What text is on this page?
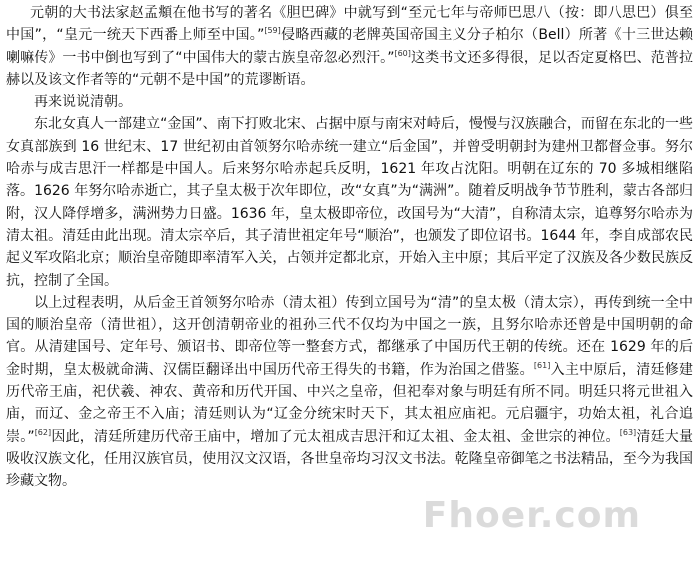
元朝的大书法家赵孟頫在他书写的著名《胆巴碑》中就写到“至元七年与帝师巴思八（按：即八思巴）俱至中国”，“皇元一统天下西番上师至中国。”[59]侵略西藏的老牌英国帝国主义分子柏尔（Bell）所著《十三世达赖喇嘛传》一书中倒也写到了“中国伟大的蒙古族皇帝忽必烈汗。”[60]这类书文还多得很，足以否定夏格巴、范普拉赫以及该文作者等的“元朝不是中国”的荒谬断语。

再来说说清朝。

东北女真人一部建立“金国”、南下打败北宋、占据中原与南宋对峙后，慢慢与汉族融合，而留在东北的一些女真部族到 16 世纪末、17 世纪初由首领努尔哈赤统一建立“后金国”，并曾受明朝封为建州卫都督佥事。努尔哈赤与成吉思汗一样都是中国人。后来努尔哈赤起兵反明，1621 年攻占沈阳。明朝在辽东的 70 多城相继陷落。1626 年努尔哈赤逝亡，其子皇太极于次年即位，改“女真”为“满洲”。随着反明战争节节胜利，蒙古各部归附，汉人降俘增多，满洲势力日盛。1636 年，皇太极即帝位，改国号为“大清”，自称清太宗，追尊努尔哈赤为清太祖。清廷由此出现。清太宗卒后，其子清世祖定年号“顺治”，也颁发了即位诏书。1644 年，李自成部农民起义军攻陷北京；顺治皇帝随即率清军入关，占领并定都北京，开始入主中原；其后平定了汉族及各少数民族反抗，控制了全国。

以上过程表明，从后金王首领努尔哈赤（清太祖）传到立国号为“清”的皇太极（清太宗），再传到统一全中国的顺治皇帝（清世祖），这开创清朝帝业的祖孙三代不仅均为中国之一族，且努尔哈赤还曾是中国明朝的命官。从清建国号、定年号、颁诏书、即帝位等一整套方式，都继承了中国历代王朝的传统。还在 1629 年的后金时期，皇太极就命满、汉儒臣翻译出中国历代帝王得失的书籍，作为治国之借鉴。[61]入主中原后，清廷修建历代帝王庙，祀伏羲、神农、黄帝和历代开国、中兴之皇帝，但祀奉对象与明廷有所不同。明廷只将元世祖入庙，而辽、金之帝王不入庙；清廷则认为“辽金分统宋时天下，其太祖应庙祀。元启疆宇，功始太祖，礼合追崇。”[62]因此，清廷所建历代帝王庙中，增加了元太祖成吉思汗和辽太祖、金太祖、金世宗的神位。[63]清廷大量吸收汉族文化，任用汉族官员，使用汉文汉语，各世皇帝均习汉文书法。乾隆皇帝御笔之书法精品，至今为我国珍藏文物。

Fhoer.com
